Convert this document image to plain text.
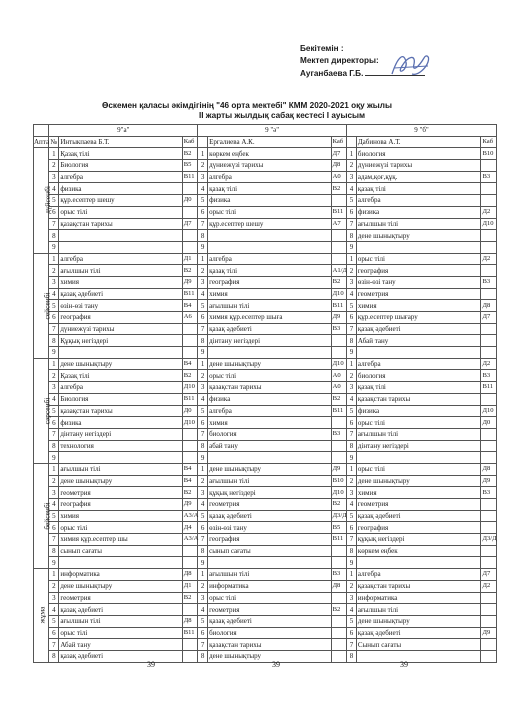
Бекітемін :
Мектеп директоры:
Ауганбаева Г.Б.
Өскемен қаласы әкімдігінің "46 орта мектебі" КММ 2020-2021 оқу жылы
ІІ жарты жылдық сабақ кестесі І ауысым
	9"а"			9 "ә"			9 "б"		
Апта	№	Интыкпаева Б.Т.	Каб		Ергалиева А.К.	Каб		Дабинова А.Т.	Каб
дүйсенбі	1	Қазақ тілі	В2	1	көркем еңбек	Д7	1	биология	В10
	2	Биология	В5	2	дүниежүзі тарихы	Д8	2	дүниежүзі тарихы	
	3	алгебра	В11	3	алгебра	А0	3	адам,қоғ,құқ.	В3
	4	физика		4	қазақ тілі	В2	4	қазақ тілі	
	5	құр.есептер шешу	Д0	5	физика		5	алгебра	
	6	орыс тілі		6	орыс тілі	В11	6	физика	Д2
	7	қазақстан тарихы	Д7	7	құр.есептер шешу	А7	7	ағылшын тілі	Д10
	8			8			8	дене шынықтыру	
	9			9			9		
сейсенбі	1	алгебра	Д1	1	алгебра		1	орыс тілі	Д2
	2	ағылшын тілі	В2	2	қазақ тілі	А1/Д	2	география	
	3	химия	Д9	3	география	В2	3	өзін-өзі тану	В3
	4	қазақ әдебиеті	В11	4	химия	Д10	4	геометрия	
	5	өзін-өзі тану	В4	5	ағылшын тілі	В11	5	химия	Д8
	6	география	А6	6	химия құр.есептер шыға	Д9	6	құр.есептер шығару	Д7
	7	дүниежүзі тарихы		7	қазақ әдебиеті	В3	7	қазақ әдебиеті	
	8	Құқық негіздері		8	дінтану негіздері		8	Абай тану	
	9			9			9		
сәрсенбі	1	дене шынықтыру	В4	1	дене шынықтыру	Д10	1	алгебра	Д2
	2	Қазақ тілі	В2	2	орыс тілі	А0	2	биология	В3
	3	алгебра	Д10	3	қазақстан тарихы	А0	3	қазақ тілі	В11
	4	Биология	В11	4	физика	В2	4	қазақстан тарихы	
	5	қазақстан тарихы	Д0	5	алгебра	В11	5	физика	Д10
	6	физика	Д10	6	химия		6	орыс тілі	Д0
	7	дінтану негіздері		7	биология	В3	7	ағылшын тілі	
	8	технология		8	абай тану		8	дінтану негіздері	
	9			9			9		
бейсенбі	1	ағылшын тілі	В4	1	дене шынықтыру	Д9	1	орыс тілі	Д8
	2	дене шынықтыру	В4	2	ағылшын тілі	В10	2	дене шынықтыру	Д9
	3	геометрия	В2	3	құқық негіздері	Д10	3	химия	В3
	4	география	Д9	4	геометрия	В2	4	геометрия	
	5	химия	А3/А	5	қазақ әдебиеті	Д3/Д	5	қазақ әдебиеті	
	6	орыс тілі	Д4	6	өзін-өзі тану	В5	6	география	
	7	химия құр.есептер шы	А3/А	7	география	В11	7	құқық негіздері	Д3/Д
	8	сынып сағаты		8	сынып сағаты		8	көркем еңбек	
	9			9			9		
жұма	1	информатика	Д8	1	ағылшын тілі	В3	1	алгебра	Д7
	2	дене шынықтыру	Д1	2	информатика	Д8	2	қазақстан тарихы	Д2
	3	геометрия	В2	3	орыс тілі		3	информатика	
	4	қазақ әдебиеті		4	геометрия	В2	4	ағылшын тілі	
	5	ағылшын тілі	Д8	5	қазақ әдебиеті		5	дене шынықтыру	
	6	орыс тілі	В11	6	биология		6	қазақ әдебиеті	Д9
	7	Абай тану		7	қазақстан тарихы		7	Сынып сағаты	
	8	қазақ әдебиеті		8	дене шынықтыру		8		
39	39	39
